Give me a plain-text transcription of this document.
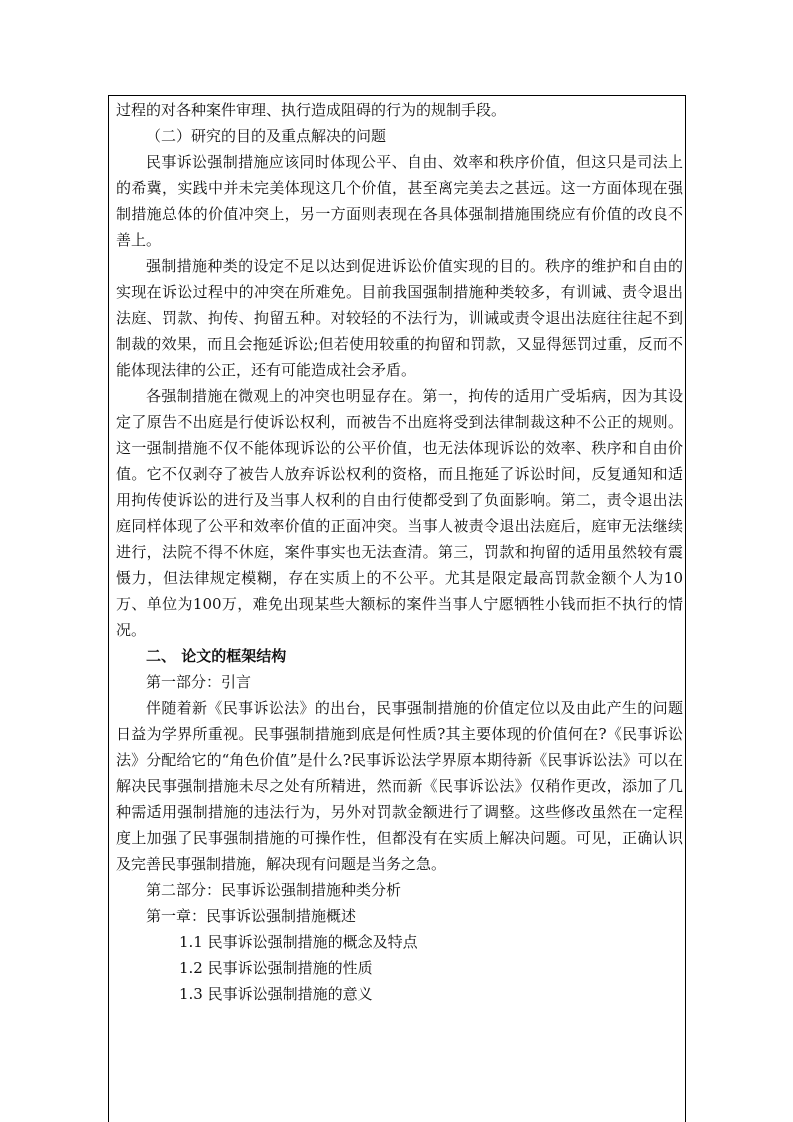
过程的对各种案件审理、执行造成阻碍的行为的规制手段。

（二）研究的目的及重点解决的问题

民事诉讼强制措施应该同时体现公平、自由、效率和秩序价值，但这只是司法上的希冀，实践中并未完美体现这几个价值，甚至离完美去之甚远。这一方面体现在强制措施总体的价值冲突上，另一方面则表现在各具体强制措施围绕应有价值的改良不善上。

强制措施种类的设定不足以达到促进诉讼价值实现的目的。秩序的维护和自由的实现在诉讼过程中的冲突在所难免。目前我国强制措施种类较多，有训诫、责令退出法庭、罚款、拘传、拘留五种。对较轻的不法行为，训诫或责令退出法庭往往起不到制裁的效果，而且会拖延诉讼;但若使用较重的拘留和罚款，又显得惩罚过重，反而不能体现法律的公正，还有可能造成社会矛盾。

各强制措施在微观上的冲突也明显存在。第一，拘传的适用广受垢病，因为其设定了原告不出庭是行使诉讼权利，而被告不出庭将受到法律制裁这种不公正的规则。这一强制措施不仅不能体现诉讼的公平价值，也无法体现诉讼的效率、秩序和自由价值。它不仅剥夺了被告人放弃诉讼权利的资格，而且拖延了诉讼时间，反复通知和适用拘传使诉讼的进行及当事人权利的自由行使都受到了负面影响。第二，责令退出法庭同样体现了公平和效率价值的正面冲突。当事人被责令退出法庭后，庭审无法继续进行，法院不得不休庭，案件事实也无法查清。第三，罚款和拘留的适用虽然较有震慑力，但法律规定模糊，存在实质上的不公平。尤其是限定最高罚款金额个人为10万、单位为100万，难免出现某些大额标的案件当事人宁愿牺牲小钱而拒不执行的情况。

二、 论文的框架结构

第一部分：引言

伴随着新《民事诉讼法》的出台，民事强制措施的价值定位以及由此产生的问题日益为学界所重视。民事强制措施到底是何性质?其主要体现的价值何在?《民事诉讼法》分配给它的“角色价值”是什么?民事诉讼法学界原本期待新《民事诉讼法》可以在解决民事强制措施未尽之处有所精进，然而新《民事诉讼法》仅稍作更改，添加了几种需适用强制措施的违法行为，另外对罚款金额进行了调整。这些修改虽然在一定程度上加强了民事强制措施的可操作性，但都没有在实质上解决问题。可见，正确认识及完善民事强制措施，解决现有问题是当务之急。

第二部分：民事诉讼强制措施种类分析

第一章：民事诉讼强制措施概述

1.1 民事诉讼强制措施的概念及特点

1.2 民事诉讼强制措施的性质

1.3 民事诉讼强制措施的意义
